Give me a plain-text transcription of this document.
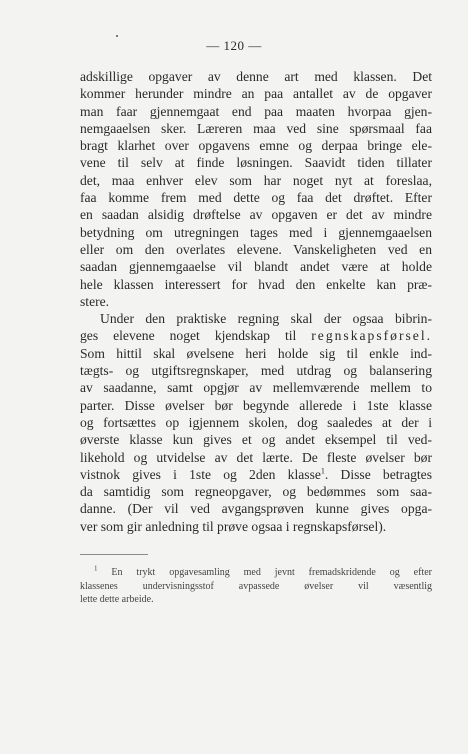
— 120 —
adskillige opgaver av denne art med klassen. Det
kommer herunder mindre an paa antallet av de opgaver
man faar gjennemgaat end paa maaten hvorpaa gjen-
nemgaaelsen sker. Læreren maa ved sine spørsmaal faa
bragt klarhet over opgavens emne og derpaa bringe ele-
vene til selv at finde løsningen. Saavidt tiden tillater
det, maa enhver elev som har noget nyt at foreslaa,
faa komme frem med dette og faa det drøftet. Efter
en saadan alsidig drøftelse av opgaven er det av mindre
betydning om utregningen tages med i gjennemgaaelsen
eller om den overlates elevene. Vanskeligheten ved en
saadan gjennemgaaelse vil blandt andet være at holde
hele klassen interessert for hvad den enkelte kan præ-
stere.
Under den praktiske regning skal der ogsaa bibrin-
ges elevene noget kjendskap til regnskapsførsel.
Som hittil skal øvelsene heri holde sig til enkle ind-
tægts- og utgiftsregnskaper, med utdrag og balansering
av saadanne, samt opgjør av mellemværende mellem to
parter. Disse øvelser bør begynde allerede i 1ste klasse
og fortsættes op igjennem skolen, dog saaledes at der i
øverste klasse kun gives et og andet eksempel til ved-
likehold og utvidelse av det lærte. De fleste øvelser bør
vistnok gives i 1ste og 2den klasse$^1$. Disse betragtes
da samtidig som regneopgaver, og bedømmes som saa-
danne. (Der vil ved avgangsprøven kunne gives opga-
ver som gir anledning til prøve ogsaa i regnskapsførsel).
$^1$ En trykt opgavesamling med jevnt fremadskridende og efter
klassenes undervisningsstof avpassede øvelser vil væsentlig
lette dette arbeide.
